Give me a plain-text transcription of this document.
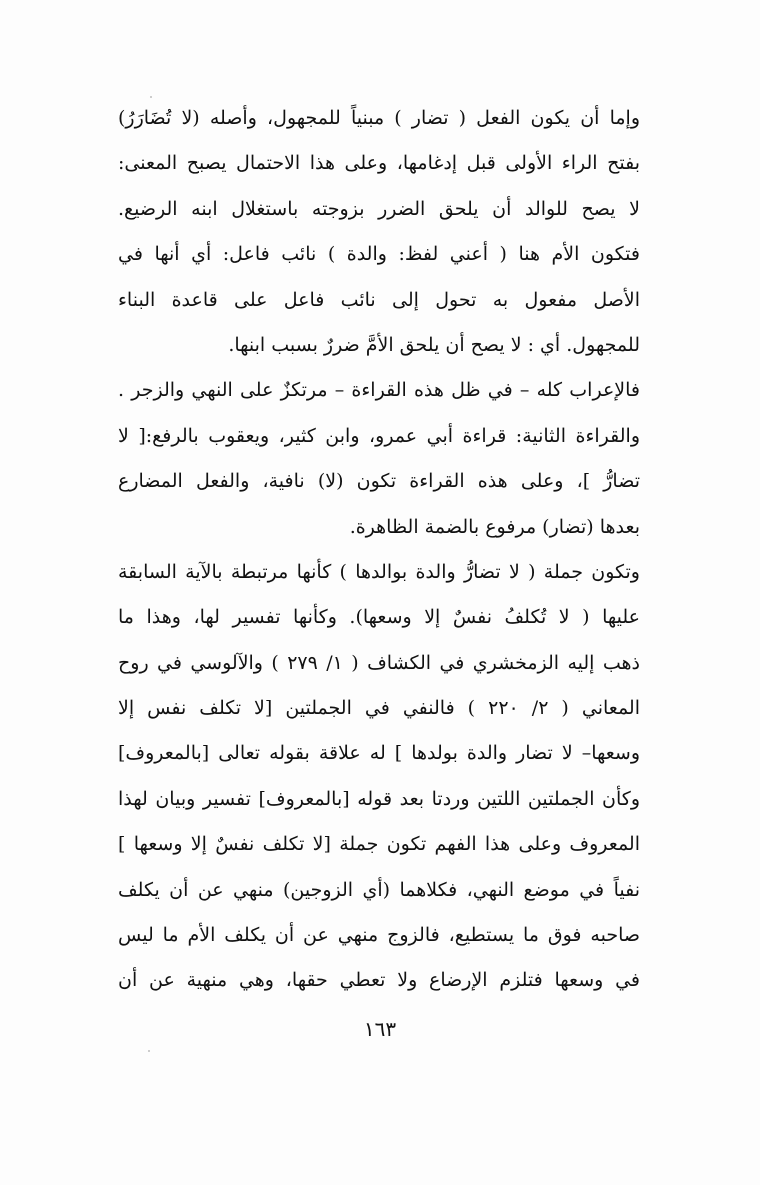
وإما أن يكون الفعل ( تضار ) مبنياً للمجهول، وأصله (لا تُضَارَرُ)
بفتح الراء الأولى قبل إدغامها، وعلى هذا الاحتمال يصبح المعنى:
لا يصح للوالد أن يلحق الضرر بزوجته باستغلال ابنه الرضيع.
فتكون الأم هنا ( أعني لفظ: والدة ) نائب فاعل: أي أنها في
الأصل مفعول به تحول إلى نائب فاعل على قاعدة البناء
للمجهول. أي : لا يصح أن يلحق الأمَّ ضررٌ بسبب ابنها.
فالإعراب كله – في ظل هذه القراءة – مرتكزٌ على النهي والزجر .
والقراءة الثانية: قراءة أبي عمرو، وابن كثير، ويعقوب بالرفع:[ لا
تضارُّ ]، وعلى هذه القراءة تكون (لا) نافية، والفعل المضارع
بعدها (تضار) مرفوع بالضمة الظاهرة.
وتكون جملة ( لا تضارُّ والدة بوالدها ) كأنها مرتبطة بالآية السابقة
عليها ( لا تُكلفُ نفسٌ إلا وسعها). وكأنها تفسير لها، وهذا ما
ذهب إليه الزمخشري في الكشاف ( ١/ ٢٧٩ ) والآلوسي في روح
المعاني ( ٢/ ٢٢٠ ) فالنفي في الجملتين [لا تكلف نفس إلا
وسعها– لا تضار والدة بولدها ] له علاقة بقوله تعالى [بالمعروف]
وكأن الجملتين اللتين وردتا بعد قوله [بالمعروف] تفسير وبيان لهذا
المعروف وعلى هذا الفهم تكون جملة [لا تكلف نفسٌ إلا وسعها ]
نفياً في موضع النهي، فكلاهما (أي الزوجين) منهي عن أن يكلف
صاحبه فوق ما يستطيع، فالزوج منهي عن أن يكلف الأم ما ليس
في وسعها فتلزم الإرضاع ولا تعطي حقها، وهي منهية عن أن
١٦٣
